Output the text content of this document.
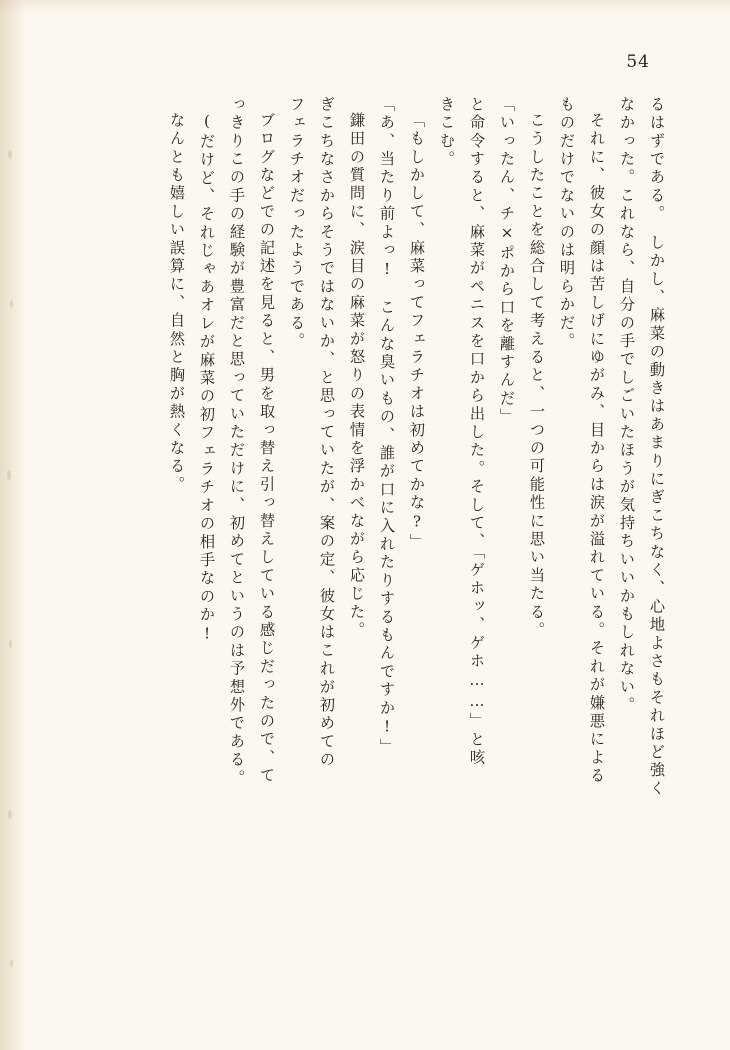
54
るはずである。　しかし、麻菜の動きはあまりにぎこちなく、心地よさもそれほど強く
なかった。これなら、自分の手でしごいたほうが気持ちいいかもしれない。
それに、彼女の顔は苦しげにゆがみ、目からは涙が溢れている。それが嫌悪による
ものだけでないのは明らかだ。
こうしたことを総合して考えると、一つの可能性に思い当たる。
「いったん、チ×ポから口を離すんだ」
と命令すると、麻菜がペニスを口から出した。そして、「ゲホッ、ゲホ……」と咳
きこむ。
「もしかして、麻菜ってフェラチオは初めてかな?」
「あ、当たり前よっ!　こんな臭いもの、誰が口に入れたりするもんですか!」
鎌田の質問に、涙目の麻菜が怒りの表情を浮かべながら応じた。
ぎこちなさからそうではないか、と思っていたが、案の定、彼女はこれが初めての
フェラチオだったようである。
ブログなどでの記述を見ると、男を取っ替え引っ替えしている感じだったので、て
っきりこの手の経験が豊富だと思っていただけに、初めてというのは予想外である。
(だけど、それじゃあオレが麻菜の初フェラチオの相手なのか!
なんとも嬉しい誤算に、自然と胸が熱くなる。
